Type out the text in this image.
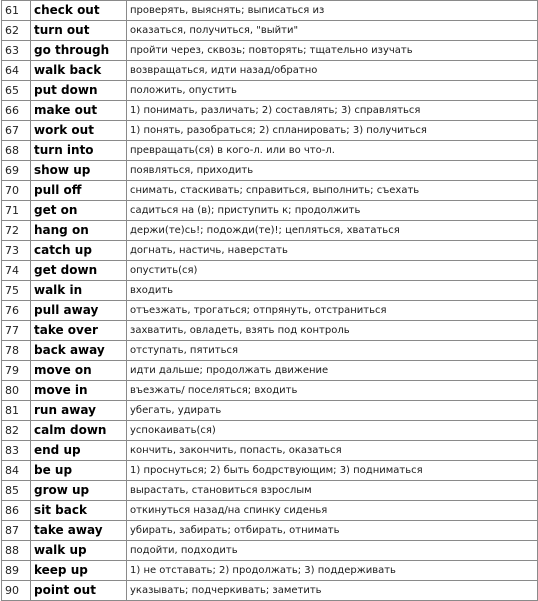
61	check out	проверять, выяснять; выписаться из
62	turn out	оказаться, получиться, "выйти"
63	go through	пройти через, сквозь; повторять; тщательно изучать
64	walk back	возвращаться, идти назад/обратно
65	put down	положить, опустить
66	make out	1) понимать, различать; 2) составлять; 3) справляться
67	work out	1) понять, разобраться; 2) спланировать; 3) получиться
68	turn into	превращать(ся) в кого-л. или во что-л.
69	show up	появляться, приходить
70	pull off	снимать, стаскивать; справиться, выполнить; съехать
71	get on	садиться на (в); приступить к; продолжить
72	hang on	держи(те)сь!; подожди(те)!; цепляться, хвататься
73	catch up	догнать, настичь, наверстать
74	get down	опустить(ся)
75	walk in	входить
76	pull away	отъезжать, трогаться; отпрянуть, отстраниться
77	take over	захватить, овладеть, взять под контроль
78	back away	отступать, пятиться
79	move on	идти дальше; продолжать движение
80	move in	въезжать/ поселяться; входить
81	run away	убегать, удирать
82	calm down	успокаивать(ся)
83	end up	кончить, закончить, попасть, оказаться
84	be up	1) проснуться; 2) быть бодрствующим; 3) подниматься
85	grow up	вырастать, становиться взрослым
86	sit back	откинуться назад/на спинку сиденья
87	take away	убирать, забирать; отбирать, отнимать
88	walk up	подойти, подходить
89	keep up	1) не отставать; 2) продолжать; 3) поддерживать
90	point out	указывать; подчеркивать; заметить
